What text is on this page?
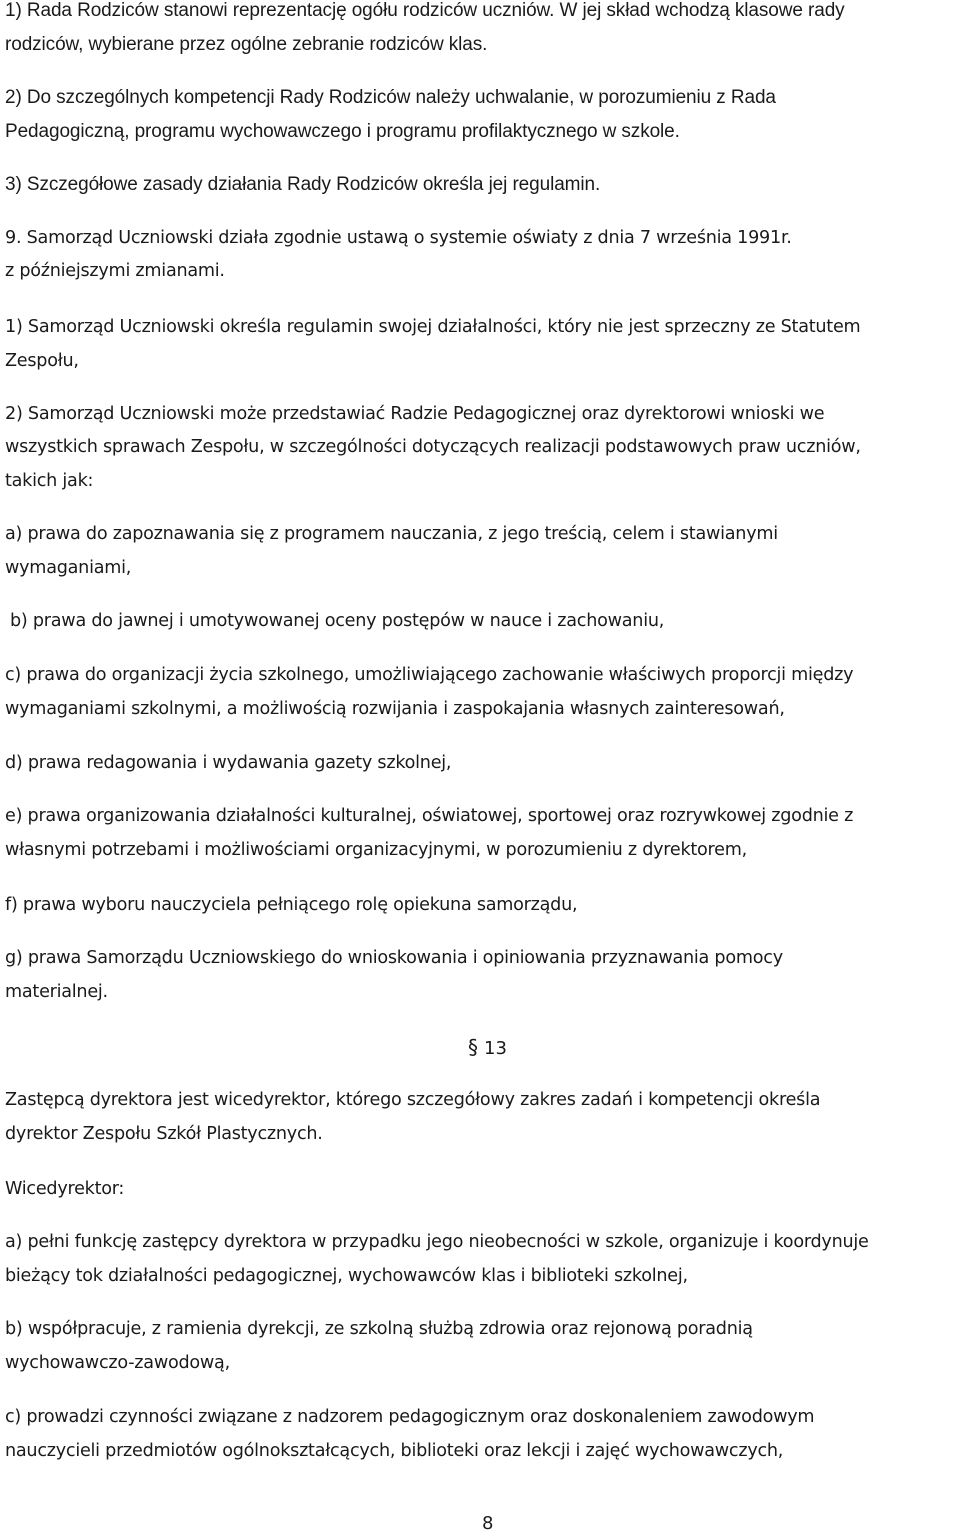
1) Rada Rodziców stanowi reprezentację ogółu rodziców uczniów. W jej skład wchodzą klasowe rady

rodziców, wybierane przez ogólne zebranie rodziców klas.

2) Do szczególnych kompetencji Rady Rodziców należy uchwalanie, w porozumieniu z Rada

Pedagogiczną, programu wychowawczego i programu profilaktycznego w szkole.

3) Szczegółowe zasady działania Rady Rodziców określa jej regulamin.

9. Samorząd Uczniowski działa zgodnie ustawą o systemie oświaty z dnia 7 września 1991r.

z późniejszymi zmianami.

1) Samorząd Uczniowski określa regulamin swojej działalności, który nie jest sprzeczny ze Statutem

Zespołu,

2) Samorząd Uczniowski może przedstawiać Radzie Pedagogicznej oraz dyrektorowi wnioski we

wszystkich sprawach Zespołu, w szczególności dotyczących realizacji podstawowych praw uczniów,

takich jak:

a) prawa do zapoznawania się z programem nauczania, z jego treścią, celem i stawianymi

wymaganiami,

b) prawa do jawnej i umotywowanej oceny postępów w nauce i zachowaniu,

c) prawa do organizacji życia szkolnego, umożliwiającego zachowanie właściwych proporcji między

wymaganiami szkolnymi, a możliwością rozwijania i zaspokajania własnych zainteresowań,

d) prawa redagowania i wydawania gazety szkolnej,

e) prawa organizowania działalności kulturalnej, oświatowej, sportowej oraz rozrywkowej zgodnie z

własnymi potrzebami i możliwościami organizacyjnymi, w porozumieniu z dyrektorem,

f) prawa wyboru nauczyciela pełniącego rolę opiekuna samorządu,

g) prawa Samorządu Uczniowskiego do wnioskowania i opiniowania przyznawania pomocy

materialnej.

§ 13

Zastępcą dyrektora jest wicedyrektor, którego szczegółowy zakres zadań i kompetencji określa

dyrektor Zespołu Szkół Plastycznych.

Wicedyrektor:

a) pełni funkcję zastępcy dyrektora w przypadku jego nieobecności w szkole, organizuje i koordynuje

bieżący tok działalności pedagogicznej, wychowawców klas i biblioteki szkolnej,

b) współpracuje, z ramienia dyrekcji, ze szkolną służbą zdrowia oraz rejonową poradnią

wychowawczo-zawodową,

c) prowadzi czynności związane z nadzorem pedagogicznym oraz doskonaleniem zawodowym

nauczycieli przedmiotów ogólnokształcących, biblioteki oraz lekcji i zajęć wychowawczych,

8
